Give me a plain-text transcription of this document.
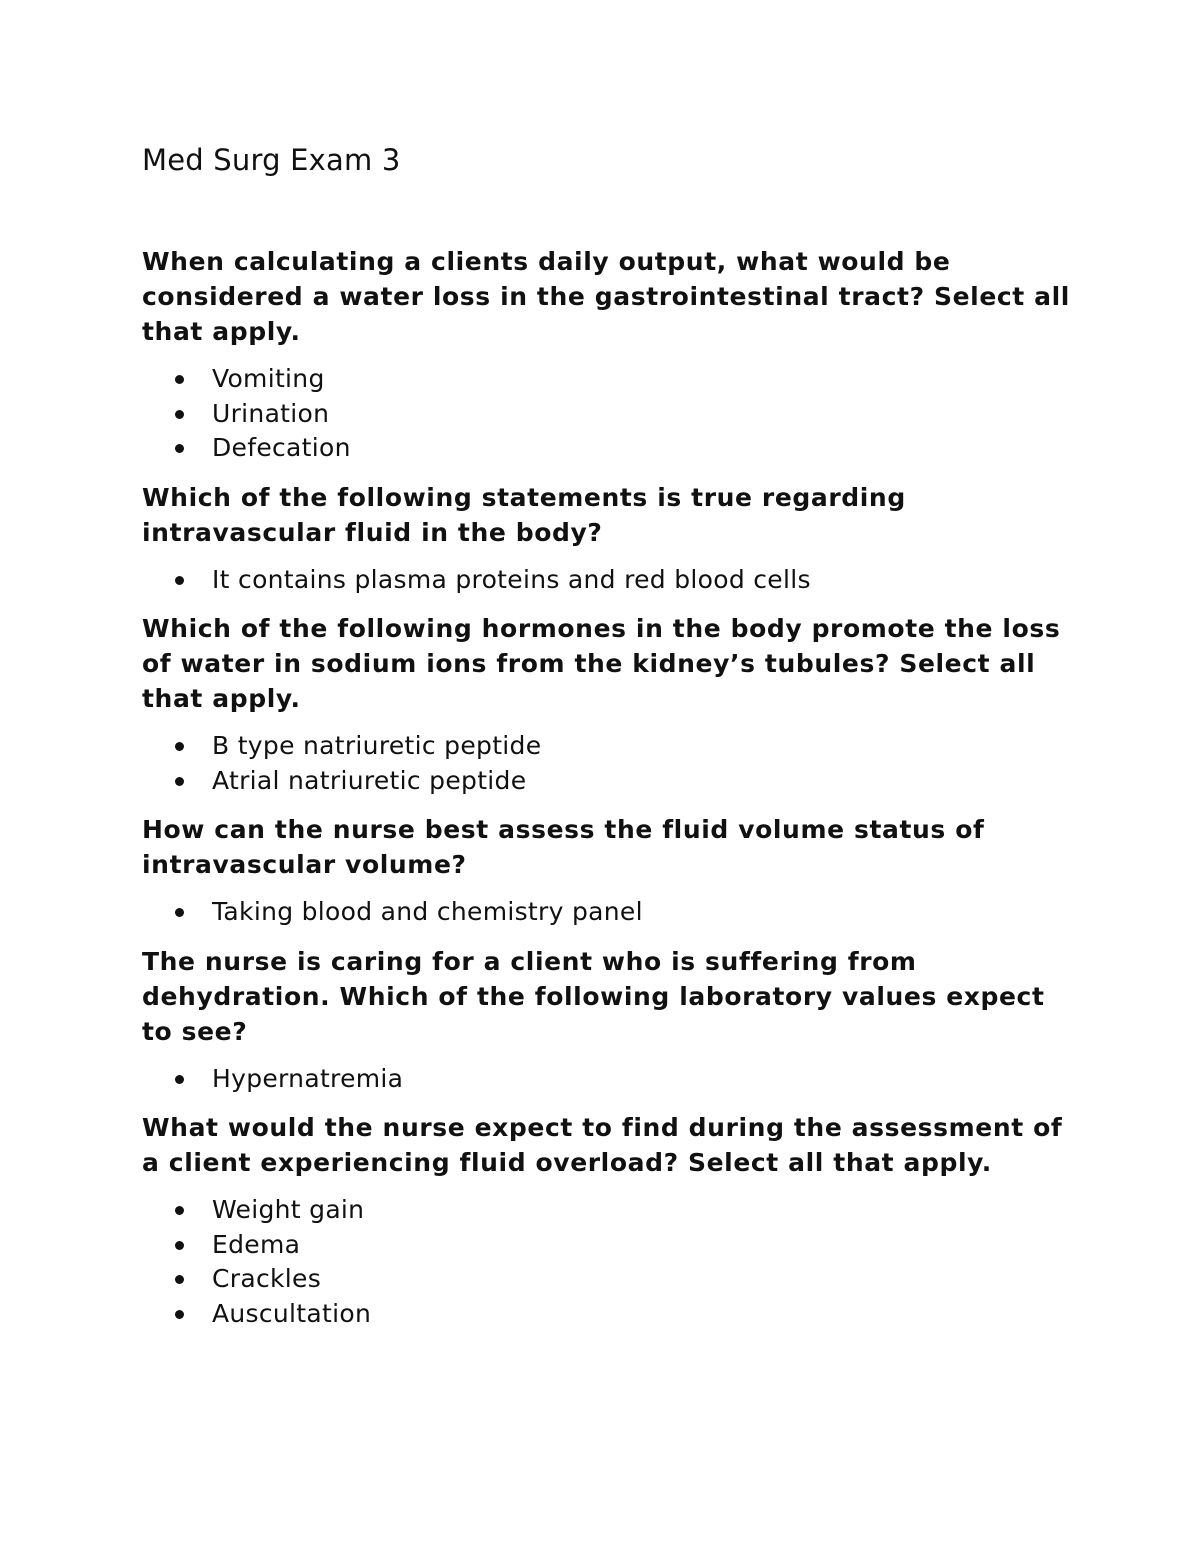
Med Surg Exam 3

When calculating a clients daily output, what would be considered a water loss in the gastrointestinal tract? Select all that apply.

Vomiting
Urination
Defecation

Which of the following statements is true regarding intravascular fluid in the body?

It contains plasma proteins and red blood cells

Which of the following hormones in the body promote the loss of water in sodium ions from the kidney’s tubules? Select all that apply.

B type natriuretic peptide
Atrial natriuretic peptide

How can the nurse best assess the fluid volume status of intravascular volume?

Taking blood and chemistry panel

The nurse is caring for a client who is suffering from dehydration. Which of the following laboratory values expect to see?

Hypernatremia

What would the nurse expect to find during the assessment of a client experiencing fluid overload? Select all that apply.

Weight gain
Edema
Crackles
Auscultation
